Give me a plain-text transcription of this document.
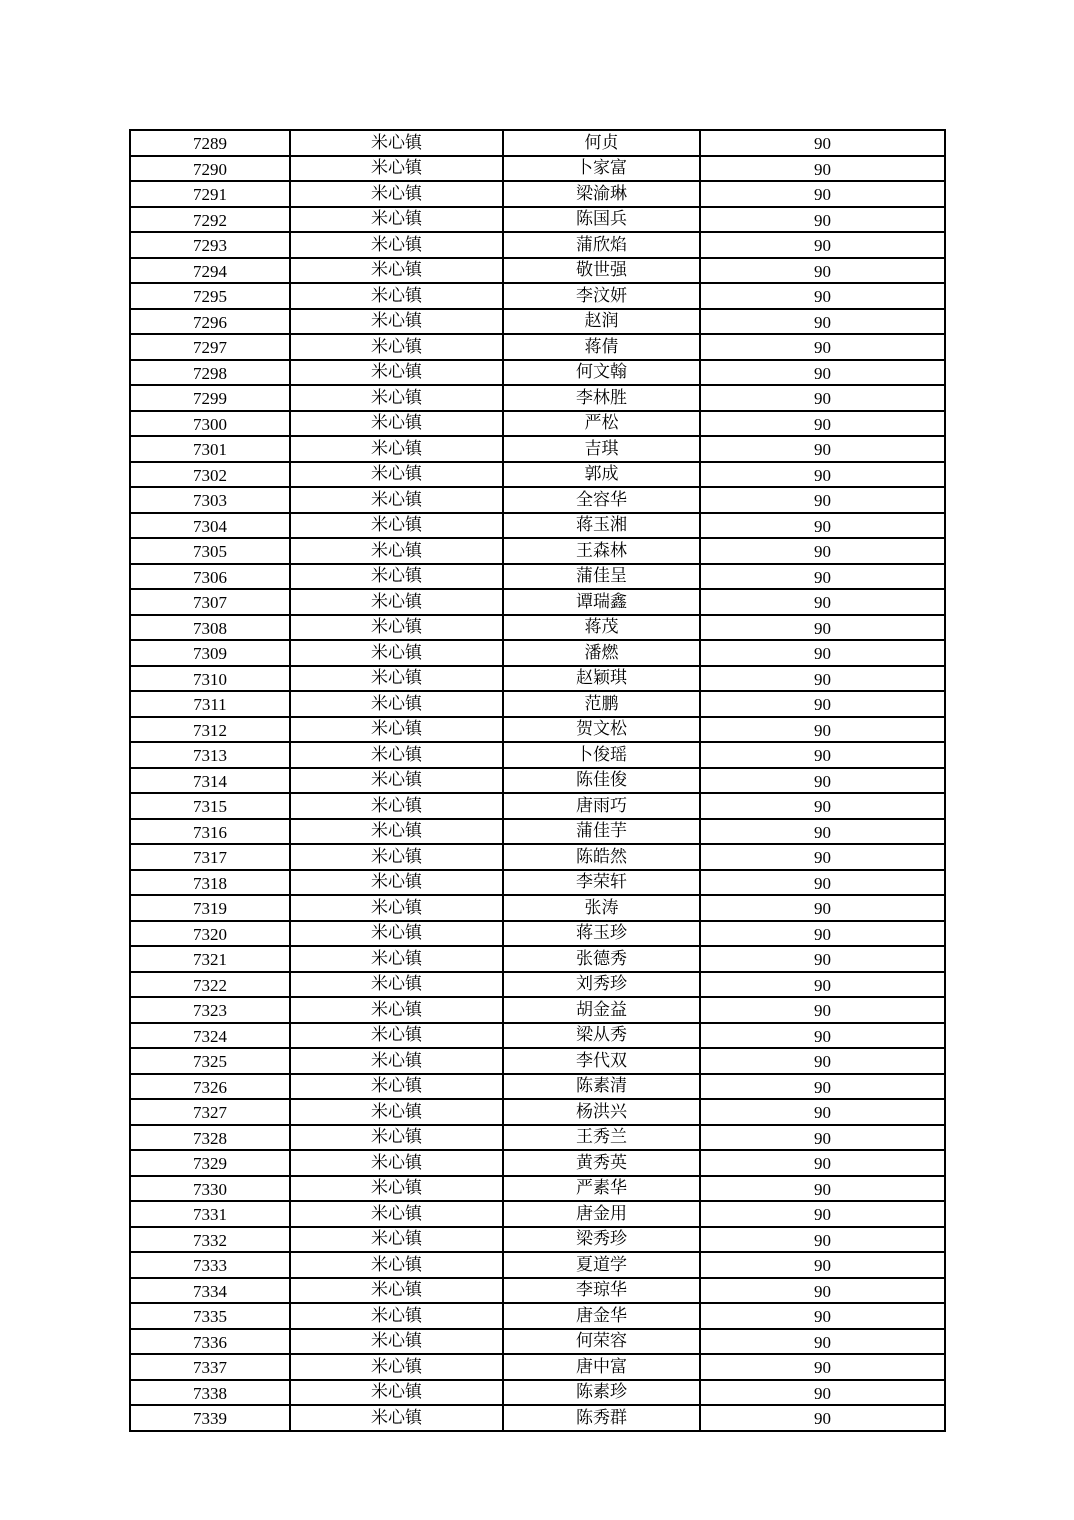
7289	米心镇	何贞	90
7290	米心镇	卜家富	90
7291	米心镇	梁渝琳	90
7292	米心镇	陈国兵	90
7293	米心镇	蒲欣焰	90
7294	米心镇	敬世强	90
7295	米心镇	李汶妍	90
7296	米心镇	赵润	90
7297	米心镇	蒋倩	90
7298	米心镇	何文翰	90
7299	米心镇	李林胜	90
7300	米心镇	严松	90
7301	米心镇	吉琪	90
7302	米心镇	郭成	90
7303	米心镇	全容华	90
7304	米心镇	蒋玉湘	90
7305	米心镇	王森林	90
7306	米心镇	蒲佳呈	90
7307	米心镇	谭瑞鑫	90
7308	米心镇	蒋茂	90
7309	米心镇	潘燃	90
7310	米心镇	赵颖琪	90
7311	米心镇	范鹏	90
7312	米心镇	贺文松	90
7313	米心镇	卜俊瑶	90
7314	米心镇	陈佳俊	90
7315	米心镇	唐雨巧	90
7316	米心镇	蒲佳芋	90
7317	米心镇	陈皓然	90
7318	米心镇	李荣轩	90
7319	米心镇	张涛	90
7320	米心镇	蒋玉珍	90
7321	米心镇	张德秀	90
7322	米心镇	刘秀珍	90
7323	米心镇	胡金益	90
7324	米心镇	梁从秀	90
7325	米心镇	李代双	90
7326	米心镇	陈素清	90
7327	米心镇	杨洪兴	90
7328	米心镇	王秀兰	90
7329	米心镇	黄秀英	90
7330	米心镇	严素华	90
7331	米心镇	唐金用	90
7332	米心镇	梁秀珍	90
7333	米心镇	夏道学	90
7334	米心镇	李琼华	90
7335	米心镇	唐金华	90
7336	米心镇	何荣容	90
7337	米心镇	唐中富	90
7338	米心镇	陈素珍	90
7339	米心镇	陈秀群	90
